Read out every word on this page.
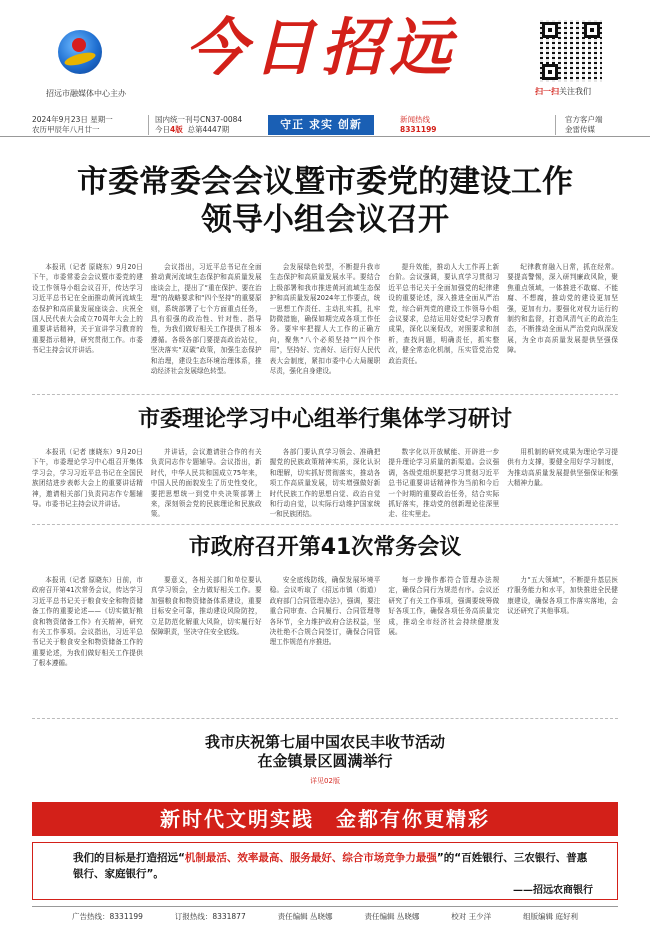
招远市融媒体中心主办
今日招远
扫一扫关注我们
2024年9月23日 星期一
农历甲辰年八月廿一
国内统一刊号CN37-0084
今日4版 总第4447期	守正 求实 创新	新闻热线
8331199
官方客户端
金雷传媒
市委常委会会议暨市委党的建设工作
领导小组会议召开
本报讯（记者 原晓东）9月20日下午，市委常委会会议暨市委党的建设工作领导小组会议召开，传达学习习近平总书记在全面推动黄河流域生态保护和高质量发展座谈会、庆祝全国人民代表大会成立70周年大会上的重要讲话精神，关于宣讲学习教育的重要指示精神，研究贯彻工作。市委书记主持会议并讲话。
会议指出，习近平总书记在全面推动黄河流域生态保护和高质量发展座谈会上，提出了“重在保护、要在治理”的战略要求和“四个坚持”的重要原则，系统部署了七个方面重点任务，具有很强的政治性、针对性、指导性，为我们做好相关工作提供了根本遵循。各级各部门要提高政治站位，坚决落实“双碳”政策，加强生态保护和治理，建设生态环境治理体系，推动经济社会发展绿色转型。
会发展绿色转型，不断提升我市生态保护和高质量发展水平。要结合上级部署和我市推进黄河流域生态保护和高质量发展2024年工作要点，统一思想工作责任、主动扎实抓，扎牢防微措施，确保如期完成各项工作任务。要牢牢把握人大工作的正确方向，聚焦“八个必须坚持”“四个作用”，坚持好、完善好、运行好人民代表大会制度，紧扣市委中心大局履职尽责，强化自身建设。
提升效能，推动人大工作再上新台阶。会议强调，要认真学习贯彻习近平总书记关于全面加强党的纪律建设的重要论述，深入推进全面从严治党，综合研判党的建设工作领导小组会议要求，总结运用好党纪学习教育成果，深化以案促改，对照要求和剖析，查找问题，明确责任，抓实整改，健全常态化机制，压实管党治党政治责任。
纪律教育融入日常，抓在经常。要提高警惕，深入研判廉政风险，聚焦重点领域，一体推进不敢腐、不能腐、不想腐，推动党的建设更加坚强，更加有力。要强化对权力运行的制约和监督，打造风清气正的政治生态，不断推动全面从严治党向纵深发展，为全市高质量发展提供坚强保障。
市委理论学习中心组举行集体学习研讨
本报讯（记者 康晓东）9月20日下午，市委理论学习中心组召开集体学习会，学习习近平总书记在全国民族团结进步表彰大会上的重要讲话精神，邀请相关部门负责同志作专题辅导。市委书记主持会议并讲话。
并讲话，会议邀请驻合作的有关负责同志作专题辅导。会议指出，新时代，中华人民共和国成立75年来，中国人民的面貌发生了历史性变化，要把思想统一到党中央决策部署上来，深刻领会党的民族理论和民族政策。
各部门要认真学习领会、准确把握党的民族政策精神实质，深化认识和理解，切实抓好贯彻落实，推动各项工作高质量发展，切实增强做好新时代民族工作的思想自觉、政治自觉和行动自觉，以实际行动维护国家统一和民族团结。
数字化以开放赋能、开辟进一步提升理论学习质量的新渠道。会议强调，各级党组织要把学习贯彻习近平总书记重要讲话精神作为当前和今后一个时期的重要政治任务，结合实际抓好落实，推动党的创新理论往深里走、往实里走。
用机制的研究成果为理论学习提供有力支撑，要健全用好学习制度，为推动高质量发展提供坚强保证和强大精神力量。
市政府召开第41次常务会议
本报讯（记者 原晓东）日前，市政府召开第41次常务会议，传达学习习近平总书记关于粮食安全和物资储备工作的重要论述——《切实做好粮食和物资储备工作》有关精神，研究有关工作事项。会议指出，习近平总书记关于粮食安全和物资储备工作的重要论述，为我们做好相关工作提供了根本遵循。
要意义，各相关部门和单位要认真学习领会，全力做好相关工作。要加强粮食和物资储备体系建设，重要目标安全可靠，推动建设风险防控，立足防范化解重大风险，切实履行好保障职责，坚决守住安全底线。
安全底线防线，确保发展环境平稳。会议听取了《招远市镇（街道）政府部门合同管理办法》，强调，要注重合同审查、合同履行、合同管理等各环节，全力维护政府合法权益，坚决杜绝不合规合同签订，确保合同管理工作规范有序推进。
每一步操作都符合管理办法规定，确保合同行为规范有序。会议还研究了有关工作事项，强调要统筹做好各项工作，确保各项任务高质量完成，推动全市经济社会持续健康发展。
力“五大领域”，不断提升基层医疗服务能力和水平，加快推进全民健康建设，确保各项工作落实落地，会议还研究了其他事项。
我市庆祝第七届中国农民丰收节活动
在金镇景区圆满举行
详见02版
新时代文明实践　金都有你更精彩
我们的目标是打造招远“机制最活、效率最高、服务最好、综合市场竞争力最强”的“百姓银行、三农银行、普惠银行、家庭银行”。
——招远农商银行
广告热线：8331199	订报热线：8331877	责任编辑 丛晓娜	责任编辑 丛晓娜	校对 王少洋	组版编辑 庭好利
